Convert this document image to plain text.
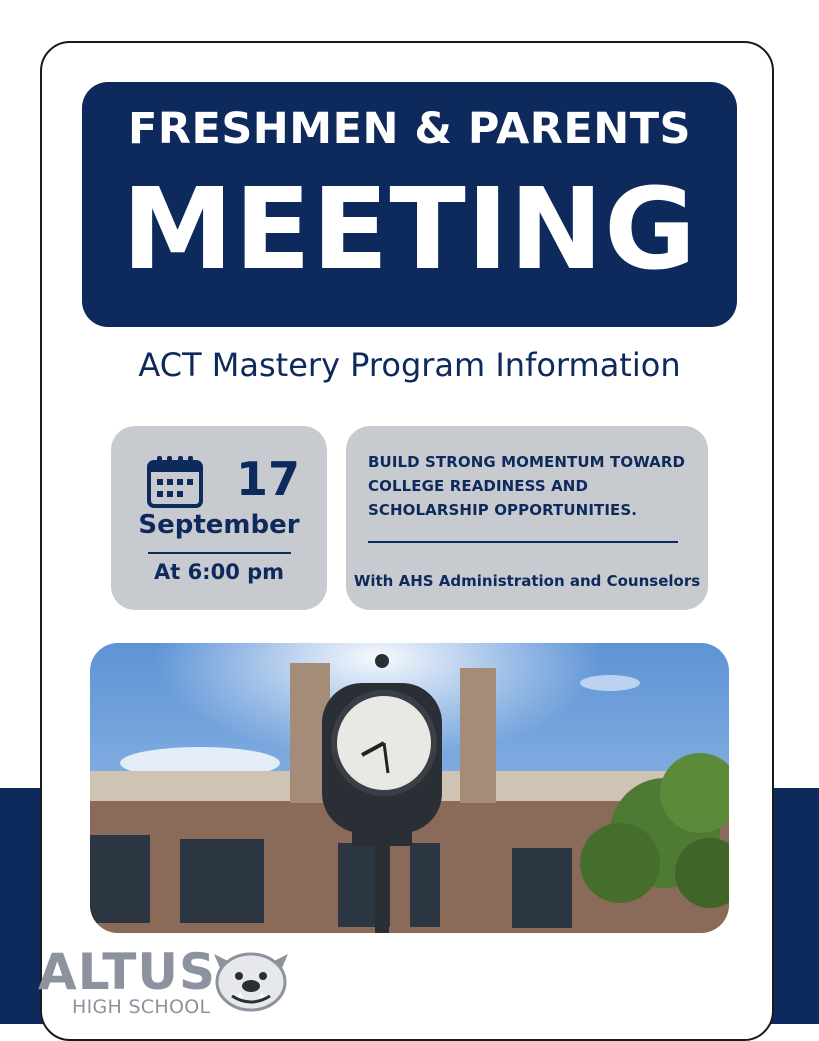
FRESHMEN & PARENTS
MEETING
ACT Mastery Program Information
17
September
At 6:00 pm
BUILD STRONG MOMENTUM TOWARD COLLEGE READINESS AND SCHOLARSHIP OPPORTUNITIES.
With AHS Administration and Counselors
ALTUS
HIGH SCHOOL
